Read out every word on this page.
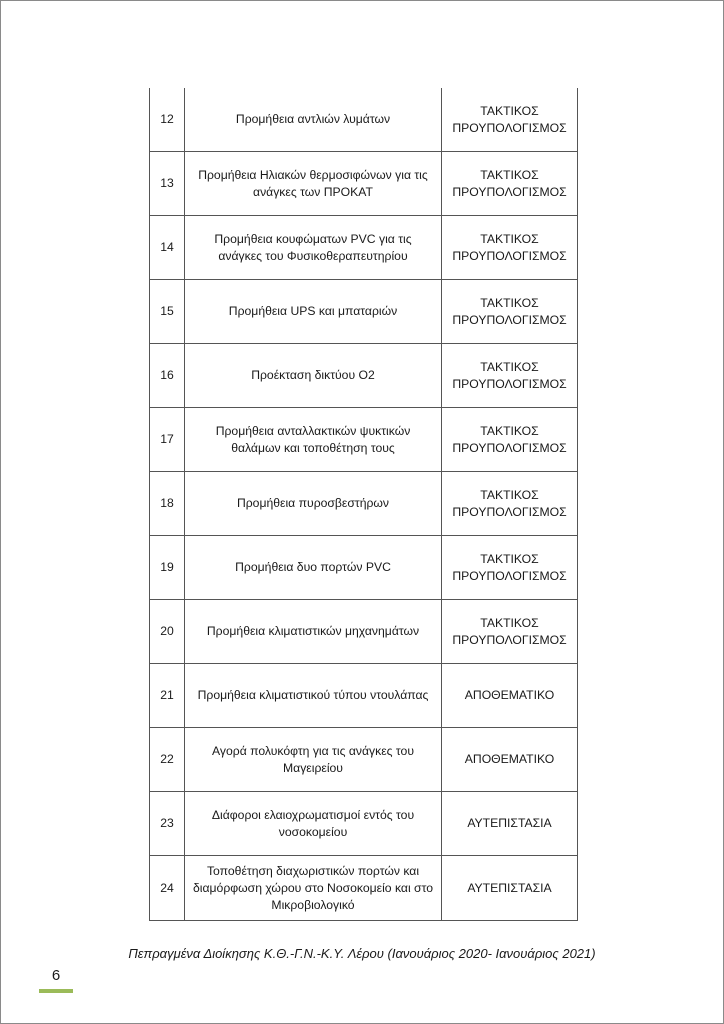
12	Προμήθεια αντλιών λυμάτων	ΤΑΚΤΙΚΟΣ
ΠΡΟΥΠΟΛΟΓΙΣΜΟΣ

13	Προμήθεια Ηλιακών θερμοσιφώνων για τις ανάγκες των ΠΡΟΚΑΤ	ΤΑΚΤΙΚΟΣ
ΠΡΟΥΠΟΛΟΓΙΣΜΟΣ

14	Προμήθεια κουφώματων PVC για τις ανάγκες του Φυσικοθεραπευτηρίου	ΤΑΚΤΙΚΟΣ
ΠΡΟΥΠΟΛΟΓΙΣΜΟΣ

15	Προμήθεια UPS και μπαταριών	ΤΑΚΤΙΚΟΣ
ΠΡΟΥΠΟΛΟΓΙΣΜΟΣ

16	Προέκταση δικτύου O2	ΤΑΚΤΙΚΟΣ
ΠΡΟΥΠΟΛΟΓΙΣΜΟΣ

17	Προμήθεια ανταλλακτικών ψυκτικών θαλάμων και τοποθέτηση τους	ΤΑΚΤΙΚΟΣ
ΠΡΟΥΠΟΛΟΓΙΣΜΟΣ

18	Προμήθεια πυροσβεστήρων	ΤΑΚΤΙΚΟΣ
ΠΡΟΥΠΟΛΟΓΙΣΜΟΣ

19	Προμήθεια δυο πορτών PVC	ΤΑΚΤΙΚΟΣ
ΠΡΟΥΠΟΛΟΓΙΣΜΟΣ

20	Προμήθεια κλιματιστικών μηχανημάτων	ΤΑΚΤΙΚΟΣ
ΠΡΟΥΠΟΛΟΓΙΣΜΟΣ

21	Προμήθεια κλιματιστικού τύπου ντουλάπας	ΑΠΟΘΕΜΑΤΙΚΟ

22	Αγορά πολυκόφτη για τις ανάγκες του Μαγειρείου	ΑΠΟΘΕΜΑΤΙΚΟ

23	Διάφοροι ελαιοχρωματισμοί εντός του νοσοκομείου	ΑΥΤΕΠΙΣΤΑΣΙΑ

24	Τοποθέτηση διαχωριστικών πορτών και διαμόρφωση χώρου στο Νοσοκομείο και στο Μικροβιολογικό	ΑΥΤΕΠΙΣΤΑΣΙΑ
Πεπραγμένα Διοίκησης Κ.Θ.-Γ.Ν.-Κ.Υ. Λέρου (Ιανουάριος 2020- Ιανουάριος 2021)
6
